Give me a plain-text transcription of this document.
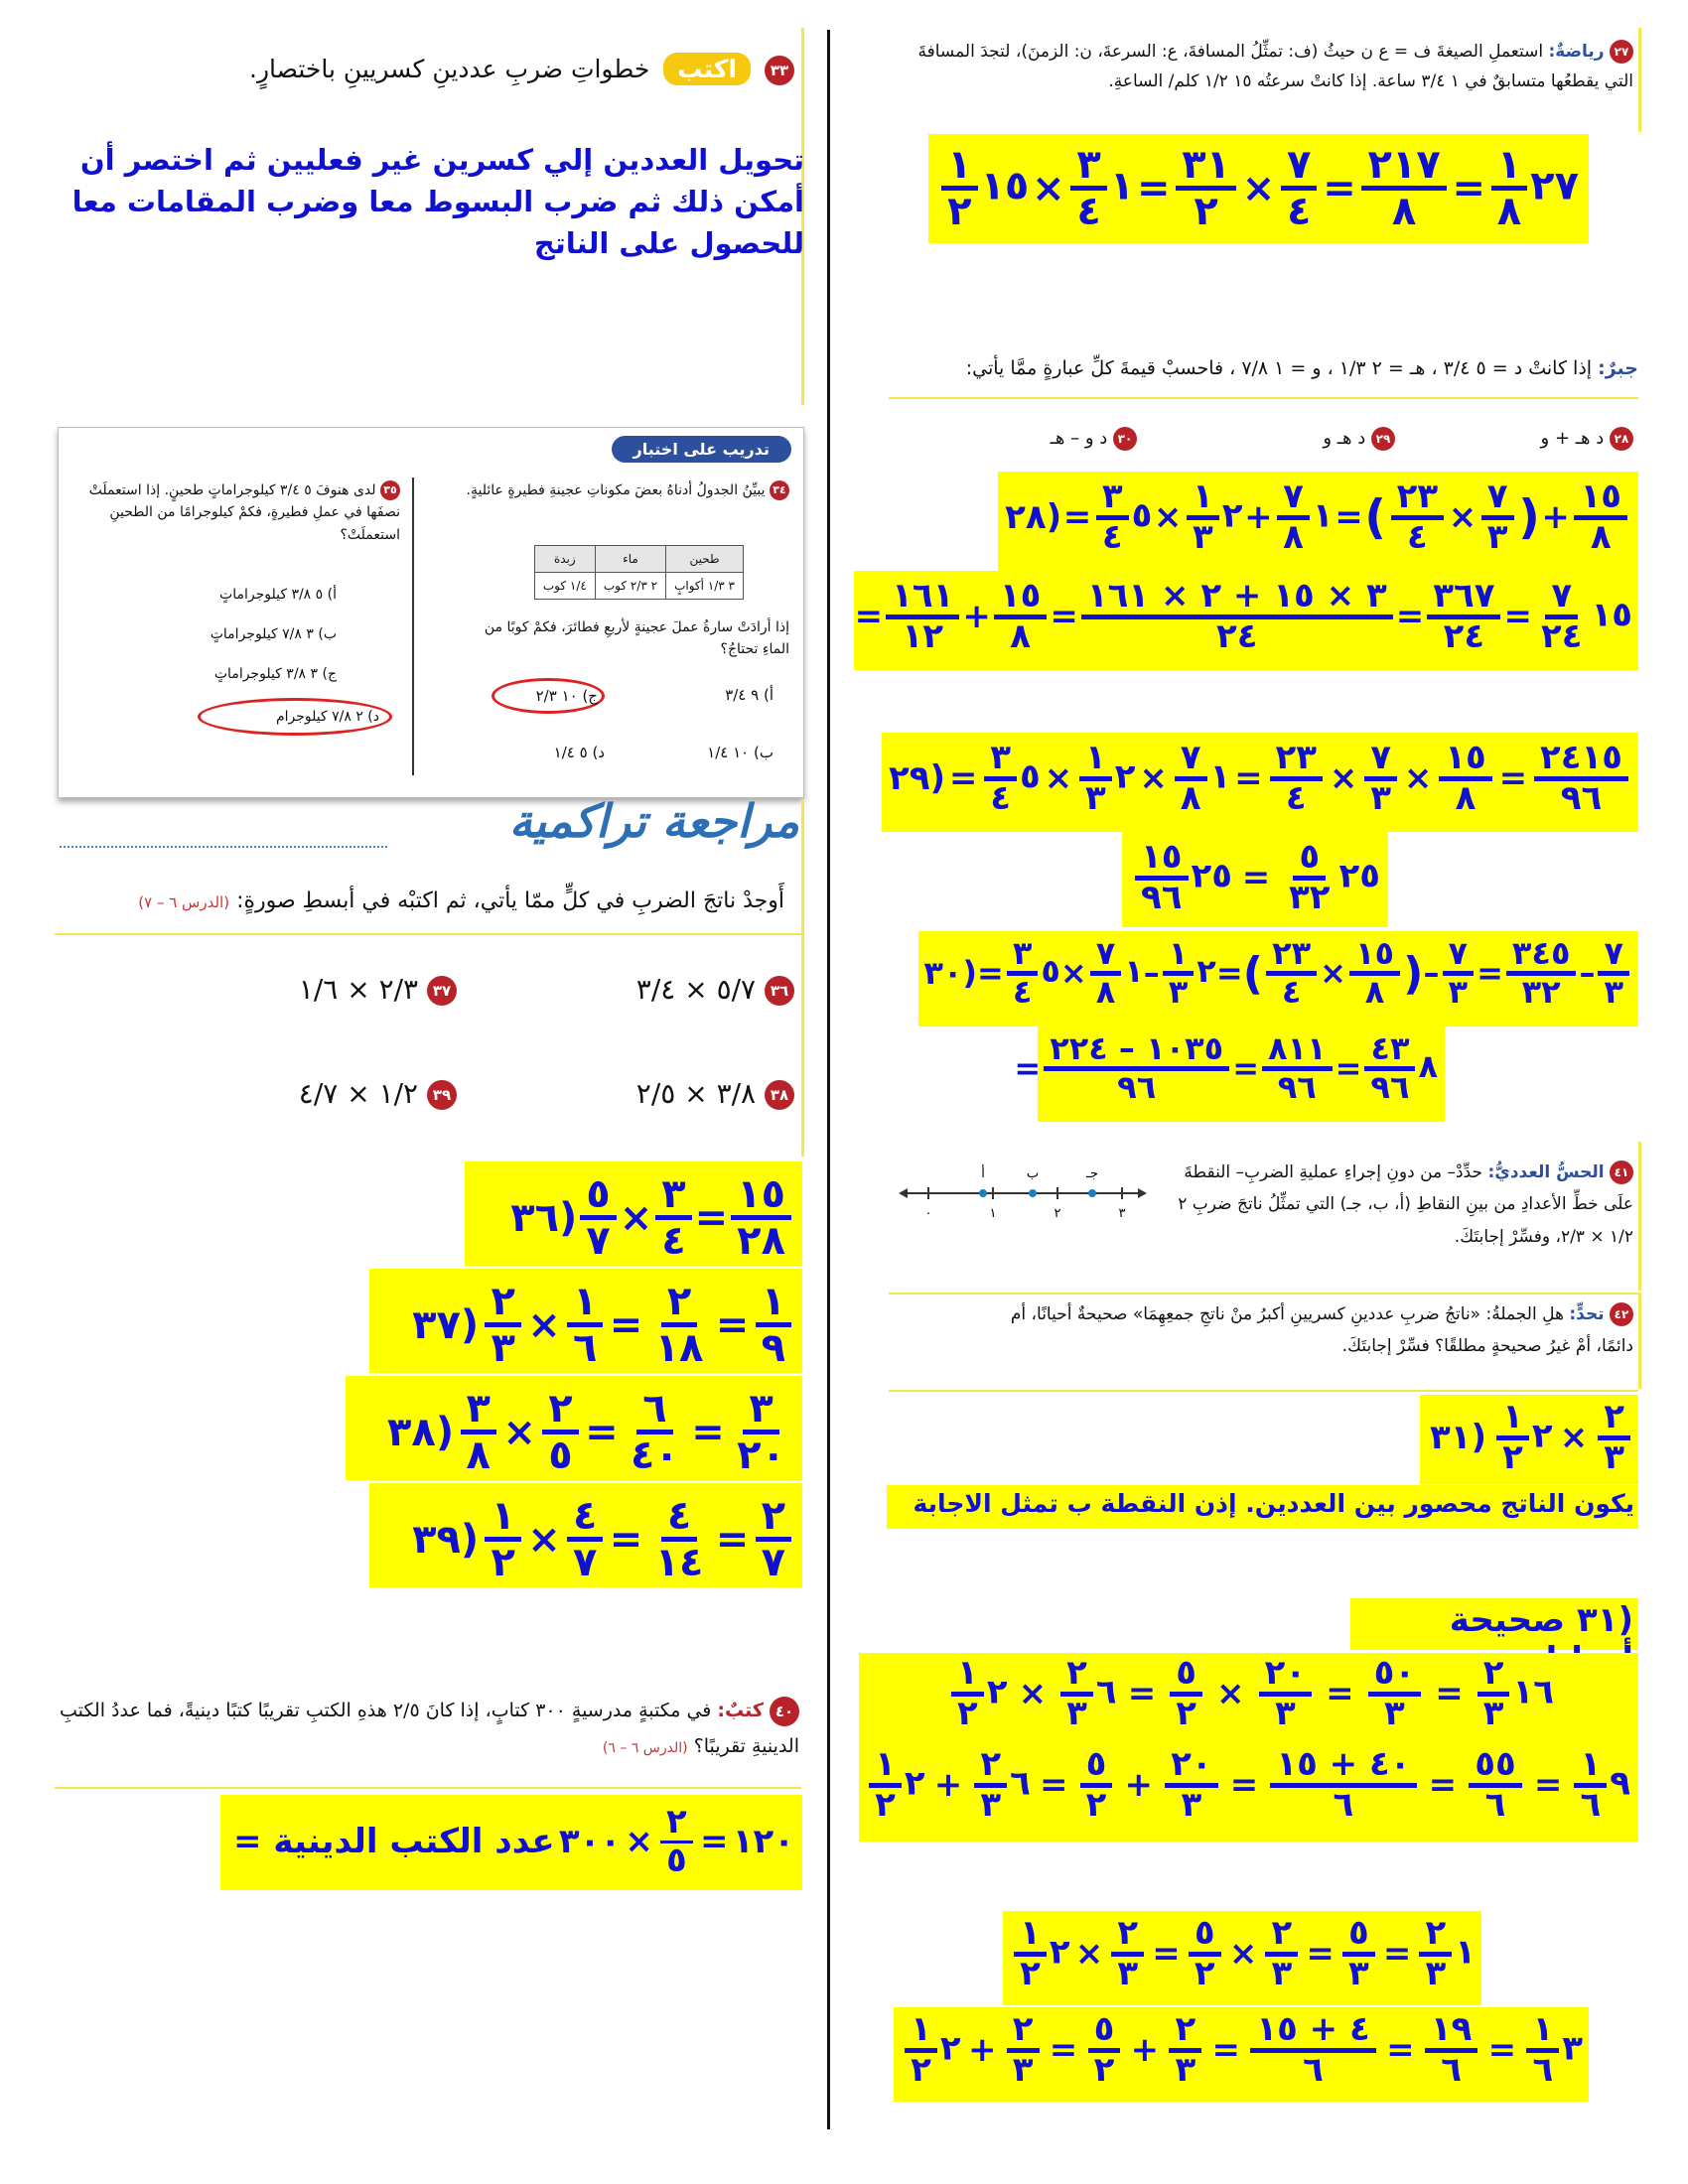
٣٣ اكتب خطواتِ ضربِ عددينِ كسريينِ باختصارٍ.
تحويل العددين إلي كسرين غير فعليين ثم اختصر أن أمكن ذلك ثم ضرب البسوط معا وضرب المقامات معا للحصول على الناتج
تدريب على اختبار
٣٤ يبيِّنُ الجدولُ أدناهُ بعضَ مكوناتِ عجينةِ فطيرةٍ عائليةٍ.
زبدة	ماء	طحين
١/٤ كوب	٢ ٢/٣ كوب	٣ ١/٣ أكوابٍ
إذا أرادَتْ سارةُ عملَ عجينةٍ لأربعِ فطائرَ، فكمْ كوبًا من الماءِ تحتاجُ؟
أ) ٩ ٣/٤
ج) ١٠ ٢/٣
ب) ١٠ ١/٤
د) ٥ ١/٤
٣٥ لدى هنوفَ ٥ ٣/٤ كيلوجراماتٍ طحينٍ. إذا استعملَتْ نصفَها في عملِ فطيرةٍ، فكمْ كيلوجرامًا من الطحينِ استعملَتْ؟
أ) ٥ ٣/٨ كيلوجراماتٍ
ب) ٣ ٧/٨ كيلوجراماتٍ
ج) ٣ ٣/٨ كيلوجراماتٍ
د) ٢ ٧/٨ كيلوجرام
مراجعة تراكمية
أَوجدْ ناتجَ الضربِ في كلٍّ ممّا يأتي، ثم اكتبْه في أبسطِ صورةٍ: (الدرس ٦ – ٧)
٣٦ ٥/٧ × ٣/٤
٣٧ ٢/٣ × ١/٦
٣٨ ٣/٨ × ٢/٥
٣٩ ١/٢ × ٤/٧
$\frac{١٥}{٢٨}$
=
$\frac{٣}{٤}$
×
$\frac{٥}{٧}$
(٣٦
$\frac{١}{٩}$
=
$\frac{٢}{١٨}$
=
$\frac{١}{٦}$
×
$\frac{٢}{٣}$
(٣٧
$\frac{٣}{٢٠}$
=
$\frac{٦}{٤٠}$
=
$\frac{٢}{٥}$
×
$\frac{٣}{٨}$
(٣٨
$\frac{٢}{٧}$
=
$\frac{٤}{١٤}$
=
$\frac{٤}{٧}$
×
$\frac{١}{٢}$
(٣٩
٤٠ كتبٌ: في مكتبةٍ مدرسيةٍ ٣٠٠ كتابٍ، إذا كانَ ٢/٥ هذهِ الكتبِ تقريبًا كتبًا دينيةً، فما عددُ الكتبِ الدينيةِ تقريبًا؟ (الدرس ٦ – ٦)
١٢٠
=
$\frac{٢}{٥}$
×
٣٠٠
عدد الكتب الدينية =
٢٧ رياضةٌ: استعملِ الصيغةَ ف = ع ن حيثُ (ف: تمثِّلُ المسافةَ، ع: السرعةَ، ن: الزمنَ)، لتجدَ المسافةَ التي يقطعُها متسابقٌ في ١ ٣/٤ ساعة. إذا كانتْ سرعتُه ١٥ ١/٢ كلم/ الساعةِ.
٢٧
$\frac{١}{٨}$
=
$\frac{٢١٧}{٨}$
=
$\frac{٧}{٤}$
×
$\frac{٣١}{٢}$
=
١
$\frac{٣}{٤}$
×
١٥
$\frac{١}{٢}$
جبرٌ: إذا كانتْ د = ٥ ٣/٤ ، هـ = ٢ ١/٣ ، و = ١ ٧/٨ ، فاحسبْ قيمةَ كلِّ عبارةٍ ممَّا يأتي:
٢٨ د هـ + و
٢٩ د هـ و
٣٠ د و – هـ
$\frac{١٥}{٨}$
+
(
$\frac{٧}{٣}$
×
$\frac{٢٣}{٤}$
)
=
١
$\frac{٧}{٨}$
+
٢
$\frac{١}{٣}$
×
٥
$\frac{٣}{٤}$
=
(٢٨
١٥
$\frac{٧}{٢٤}$
=
$\frac{٣٦٧}{٢٤}$
=
$\frac{٣ \times ١٥ + ٢ \times ١٦١}{٢٤}$
=
$\frac{١٥}{٨}$
+
$\frac{١٦١}{١٢}$
=
$\frac{٢٤١٥}{٩٦}$
=
$\frac{١٥}{٨}$
×
$\frac{٧}{٣}$
×
$\frac{٢٣}{٤}$
=
١
$\frac{٧}{٨}$
×
٢
$\frac{١}{٣}$
×
٥
$\frac{٣}{٤}$
=
(٢٩
٢٥
$\frac{٥}{٣٢}$
=
٢٥
$\frac{١٥}{٩٦}$
$\frac{٧}{٣}$
–
$\frac{٣٤٥}{٣٢}$
=
$\frac{٧}{٣}$
–
(
$\frac{١٥}{٨}$
×
$\frac{٢٣}{٤}$
)
=
٢
$\frac{١}{٣}$
–
١
$\frac{٧}{٨}$
×
٥
$\frac{٣}{٤}$
=
(٣٠
٨
$\frac{٤٣}{٩٦}$
=
$\frac{٨١١}{٩٦}$
=
$\frac{١٠٣٥ - ٢٢٤}{٩٦}$
=
٤١ الحسُّ العدديُّ: حدِّدْ– من دونِ إجراءِ عمليةِ الضربِ– النقطةَ علَى خطِّ الأعدادِ من بينِ النقاطِ (أ، ب، جـ) التي تمثِّلُ ناتجَ ضربِ ٢ ١/٢ × ٢/٣، وفسِّرْ إجابتَكَ.
٠	١	٢	٣
أ	ب	جـ
٤٢ تحدٍّ: هلِ الجملةُ: «ناتجُ ضربِ عددينِ كسريينِ أكبرُ منْ ناتجِ جمعِهِمَا» صحيحةٌ أحيانًا، أم دائمًا، أمْ غيرُ صحيحةٍ مطلقًا؟ فسِّرْ إجابتَكَ.
$\frac{٢}{٣}$
×
٢
$\frac{١}{٢}$
(٣١
يكون الناتج محصور بين العددين. إذن النقطة ب تمثل الاجابة
(٣١ صحيحة
١٦
$\frac{٢}{٣}$
=
$\frac{٥٠}{٣}$
=
$\frac{٢٠}{٣}$
×
$\frac{٥}{٢}$
=
٦
$\frac{٢}{٣}$
×
٢
$\frac{١}{٢}$
٩
$\frac{١}{٦}$
=
$\frac{٥٥}{٦}$
=
$\frac{٤٠ + ١٥}{٦}$
=
$\frac{٢٠}{٣}$
+
$\frac{٥}{٢}$
=
٦
$\frac{٢}{٣}$
+
٢
$\frac{١}{٢}$
١
$\frac{٢}{٣}$
=
$\frac{٥}{٣}$
=
$\frac{٢}{٣}$
×
$\frac{٥}{٢}$
=
$\frac{٢}{٣}$
×
٢
$\frac{١}{٢}$
٣
$\frac{١}{٦}$
=
$\frac{١٩}{٦}$
=
$\frac{٤ + ١٥}{٦}$
=
$\frac{٢}{٣}$
+
$\frac{٥}{٢}$
=
$\frac{٢}{٣}$
+
٢
$\frac{١}{٢}$
